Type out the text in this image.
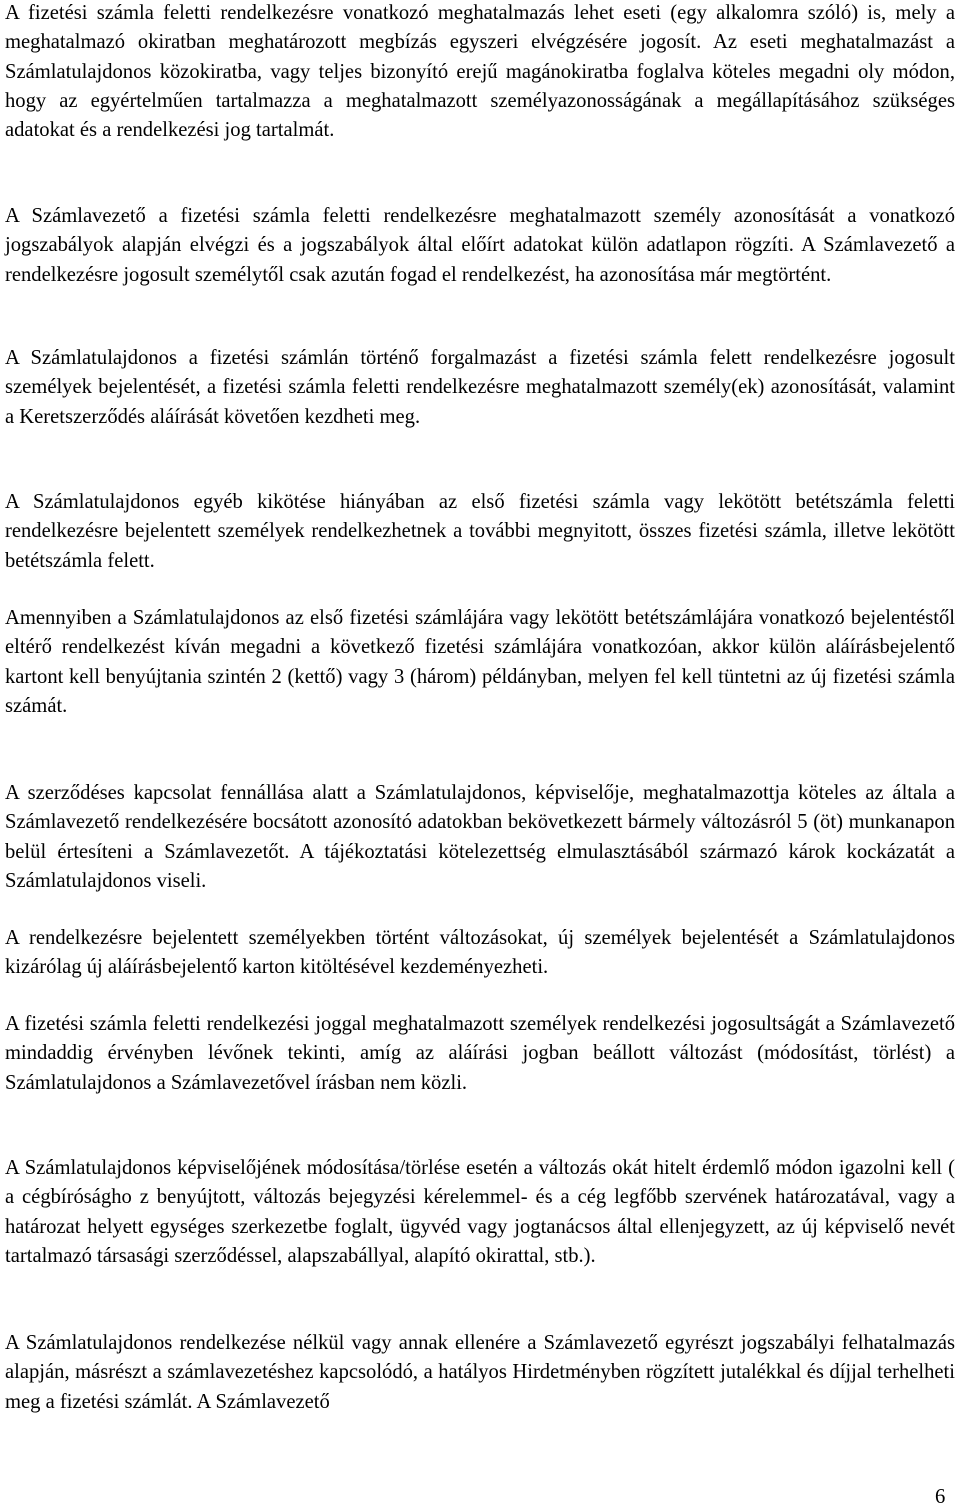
A fizetési számla feletti rendelkezésre vonatkozó meghatalmazás lehet eseti (egy alkalomra szóló) is, mely a meghatalmazó okiratban meghatározott megbízás egyszeri elvégzésére jogosít. Az eseti meghatalmazást a Számlatulajdonos közokiratba, vagy teljes bizonyító erejű magánokiratba foglalva köteles megadni oly módon, hogy az egyértelműen tartalmazza a meghatalmazott személyazonosságának a megállapításához szükséges adatokat és a rendelkezési jog tartalmát.

A Számlavezető a fizetési számla feletti rendelkezésre meghatalmazott személy azonosítását a vonatkozó jogszabályok alapján elvégzi és a jogszabályok által előírt adatokat külön adatlapon rögzíti. A Számlavezető a rendelkezésre jogosult személytől csak azután fogad el rendelkezést, ha azonosítása már megtörtént.

A Számlatulajdonos a fizetési számlán történő forgalmazást a fizetési számla felett rendelkezésre jogosult személyek bejelentését, a fizetési számla feletti rendelkezésre meghatalmazott személy(ek) azonosítását, valamint a Keretszerződés aláírását követően kezdheti meg.

A Számlatulajdonos egyéb kikötése hiányában az első fizetési számla vagy lekötött betétszámla feletti rendelkezésre bejelentett személyek rendelkezhetnek a további megnyitott, összes fizetési számla, illetve lekötött betétszámla felett.

Amennyiben a Számlatulajdonos az első fizetési számlájára vagy lekötött betétszámlájára vonatkozó bejelentéstől eltérő rendelkezést kíván megadni a következő fizetési számlájára vonatkozóan, akkor külön aláírásbejelentő kartont kell benyújtania szintén 2 (kettő) vagy 3 (három) példányban, melyen fel kell tüntetni az új fizetési számla számát.

A szerződéses kapcsolat fennállása alatt a Számlatulajdonos, képviselője, meghatalmazottja köteles az általa a Számlavezető rendelkezésére bocsátott azonosító adatokban bekövetkezett bármely változásról 5 (öt) munkanapon belül értesíteni a Számlavezetőt. A tájékoztatási kötelezettség elmulasztásából származó károk kockázatát a Számlatulajdonos viseli.

A rendelkezésre bejelentett személyekben történt változásokat, új személyek bejelentését a Számlatulajdonos kizárólag új aláírásbejelentő karton kitöltésével kezdeményezheti.

A fizetési számla feletti rendelkezési joggal meghatalmazott személyek rendelkezési jogosultságát a Számlavezető mindaddig érvényben lévőnek tekinti, amíg az aláírási jogban beállott változást (módosítást, törlést) a Számlatulajdonos a Számlavezetővel írásban nem közli.

A Számlatulajdonos képviselőjének módosítása/törlése esetén a változás okát hitelt érdemlő módon igazolni kell ( a cégbíróságho z benyújtott, változás bejegyzési kérelemmel- és a cég legfőbb szervének határozatával, vagy a határozat helyett egységes szerkezetbe foglalt, ügyvéd vagy jogtanácsos által ellenjegyzett, az új képviselő nevét tartalmazó társasági szerződéssel, alapszabállyal, alapító okirattal, stb.).

A Számlatulajdonos rendelkezése nélkül vagy annak ellenére a Számlavezető egyrészt jogszabályi felhatalmazás alapján, másrészt a számlavezetéshez kapcsolódó, a hatályos Hirdetményben rögzített jutalékkal és díjjal terhelheti meg a fizetési számlát. A Számlavezető

6
